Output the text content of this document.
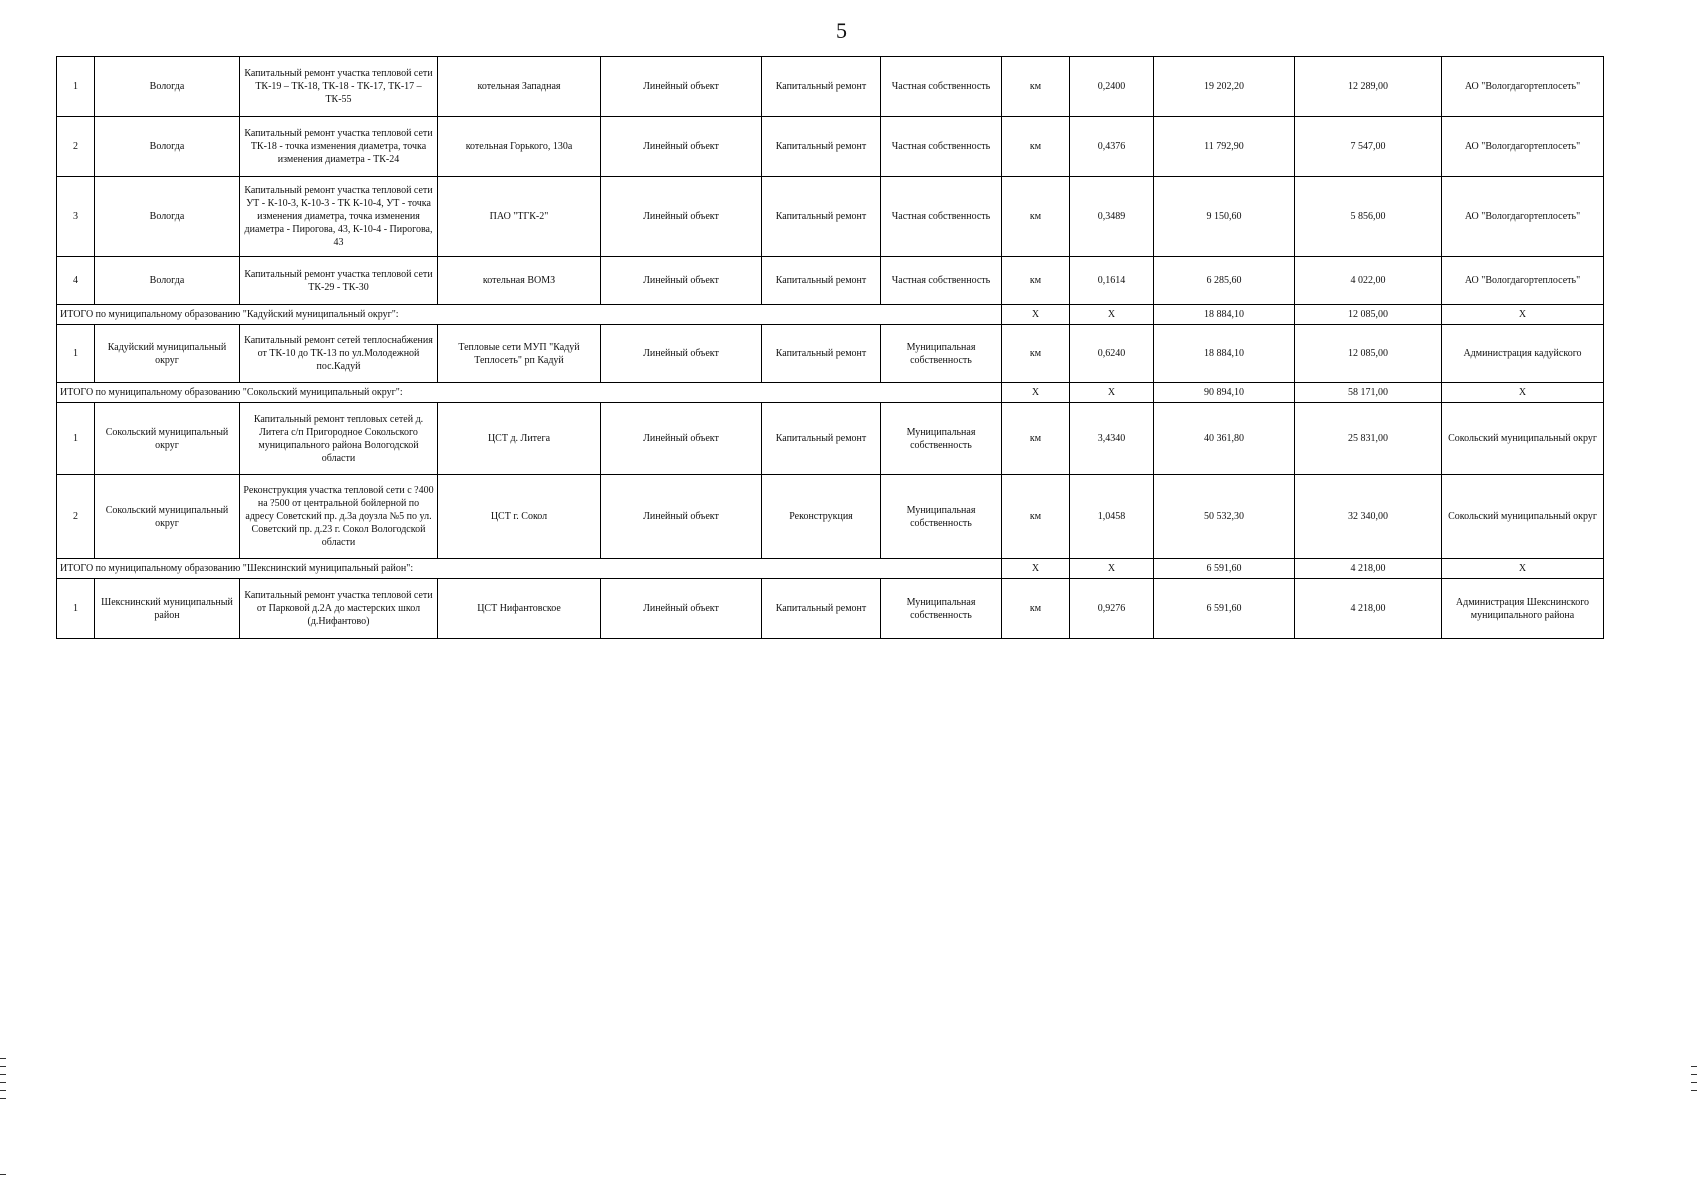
5
1	Вологда	Капитальный ремонт участка тепловой сети ТК-19 – ТК-18, ТК-18 - ТК-17, ТК-17 – ТК-55	котельная Западная	Линейный объект	Капитальный ремонт	Частная собственность	км	0,2400	19 202,20	12 289,00	АО "Вологдагортеплосеть"
2	Вологда	Капитальный ремонт участка тепловой сети ТК-18 - точка изменения диаметра, точка изменения диаметра - ТК-24	котельная Горького, 130а	Линейный объект	Капитальный ремонт	Частная собственность	км	0,4376	11 792,90	7 547,00	АО "Вологдагортеплосеть"
3	Вологда	Капитальный ремонт участка тепловой сети УТ - К-10-3, К-10-3 - ТК К-10-4, УТ - точка изменения диаметра, точка изменения диаметра - Пирогова, 43, К-10-4 - Пирогова, 43	ПАО "ТГК-2"	Линейный объект	Капитальный ремонт	Частная собственность	км	0,3489	9 150,60	5 856,00	АО "Вологдагортеплосеть"
4	Вологда	Капитальный ремонт участка тепловой сети ТК-29 - ТК-30	котельная ВОМЗ	Линейный объект	Капитальный ремонт	Частная собственность	км	0,1614	6 285,60	4 022,00	АО "Вологдагортеплосеть"
ИТОГО по муниципальному образованию "Кадуйский муниципальный округ":							Х	Х	18 884,10	12 085,00	Х
1	Кадуйский муниципальный округ	Капитальный ремонт сетей теплоснабжения от ТК-10 до ТК-13 по ул.Молодежной пос.Кадуй	Тепловые сети МУП "Кадуй Теплосеть" рп Кадуй	Линейный объект	Капитальный ремонт	Муниципальная собственность	км	0,6240	18 884,10	12 085,00	Администрация кадуйского
ИТОГО по муниципальному образованию "Сокольский муниципальный округ":							Х	Х	90 894,10	58 171,00	Х
1	Сокольский муниципальный округ	Капитальный ремонт тепловых сетей д. Литега с/п Пригородное Сокольского муниципального района Вологодской области	ЦСТ д. Литега	Линейный объект	Капитальный ремонт	Муниципальная собственность	км	3,4340	40 361,80	25 831,00	Сокольский муниципальный округ
2	Сокольский муниципальный округ	Реконструкция участка тепловой сети с ?400 на ?500 от центральной бойлерной по адресу Советский пр. д.3а доузла №5 по ул. Советский пр. д.23 г. Сокол Вологодской области	ЦСТ г. Сокол	Линейный объект	Реконструкция	Муниципальная собственность	км	1,0458	50 532,30	32 340,00	Сокольский муниципальный округ
ИТОГО по муниципальному образованию "Шекснинский муниципальный район":							Х	Х	6 591,60	4 218,00	Х
1	Шекснинский муниципальный район	Капитальный ремонт участка тепловой сети от Парковой д.2А до мастерских школ (д.Нифантово)	ЦСТ Нифантовское	Линейный объект	Капитальный ремонт	Муниципальная собственность	км	0,9276	6 591,60	4 218,00	Администрация Шекснинского муниципального района
